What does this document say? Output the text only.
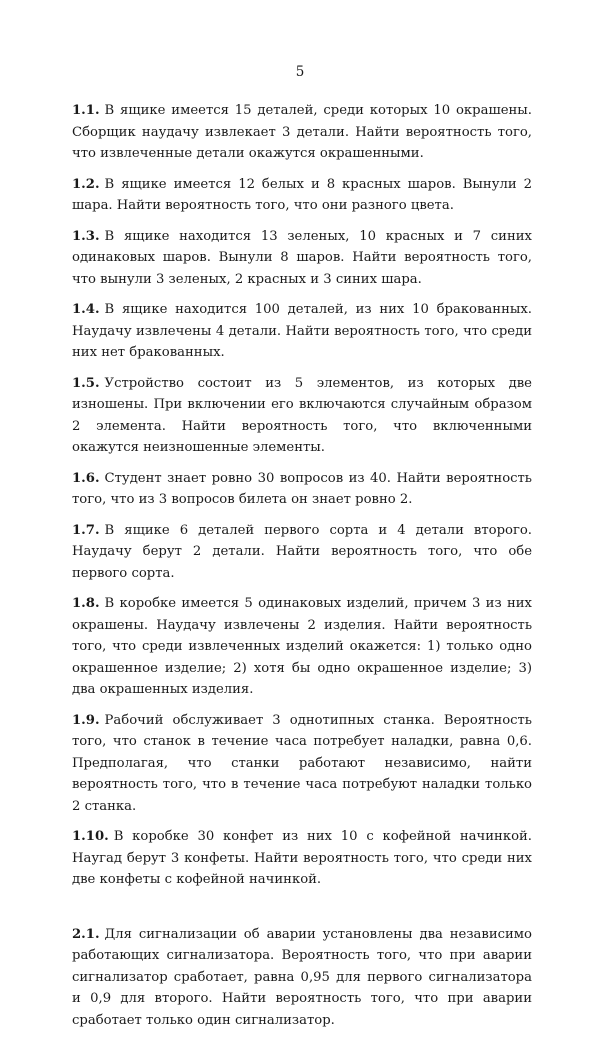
5

1.1. В ящике имеется 15 деталей, среди которых 10 окрашены. Сборщик наудачу извлекает 3 детали. Найти вероятность того, что извлеченные детали окажутся окрашенными.

1.2. В ящике имеется 12 белых и 8 красных шаров. Вынули 2 шара. Найти вероятность того, что они разного цвета.

1.3. В ящике находится 13 зеленых, 10 красных и 7 синих одинаковых шаров. Вынули 8 шаров. Найти вероятность того, что вынули 3 зеленых, 2 красных и 3 синих шара.

1.4. В ящике находится 100 деталей, из них 10 бракованных. Наудачу извлечены 4 детали. Найти вероятность того, что среди них нет бракованных.

1.5. Устройство состоит из 5 элементов, из которых две изношены. При включении его включаются случайным образом 2 элемента. Найти вероятность того, что включенными окажутся неизношенные элементы.

1.6. Студент знает ровно 30 вопросов из 40. Найти вероятность того, что из 3 вопросов билета он знает ровно 2.

1.7. В ящике 6 деталей первого сорта и 4 детали второго. Наудачу берут 2 детали. Найти вероятность того, что обе первого сорта.

1.8. В коробке имеется 5 одинаковых изделий, причем 3 из них окрашены. Наудачу извлечены 2 изделия. Найти вероятность того, что среди извлеченных изделий окажется: 1) только одно окрашенное изделие; 2) хотя бы одно окрашенное изделие; 3) два окрашенных изделия.

1.9. Рабочий обслуживает 3 однотипных станка. Вероятность того, что станок в течение часа потребует наладки, равна 0,6. Предполагая, что станки работают независимо, найти вероятность того, что в течение часа потребуют наладки только 2 станка.

1.10. В коробке 30 конфет из них 10 с кофейной начинкой. Наугад берут 3 конфеты. Найти вероятность того, что среди них две конфеты с кофейной начинкой.

2.1. Для сигнализации об аварии установлены два независимо работающих сигнализатора. Вероятность того, что при аварии сигнализатор сработает, равна 0,95 для первого сигнализатора и 0,9 для второго. Найти вероятность того, что при аварии сработает только один сигнализатор.
